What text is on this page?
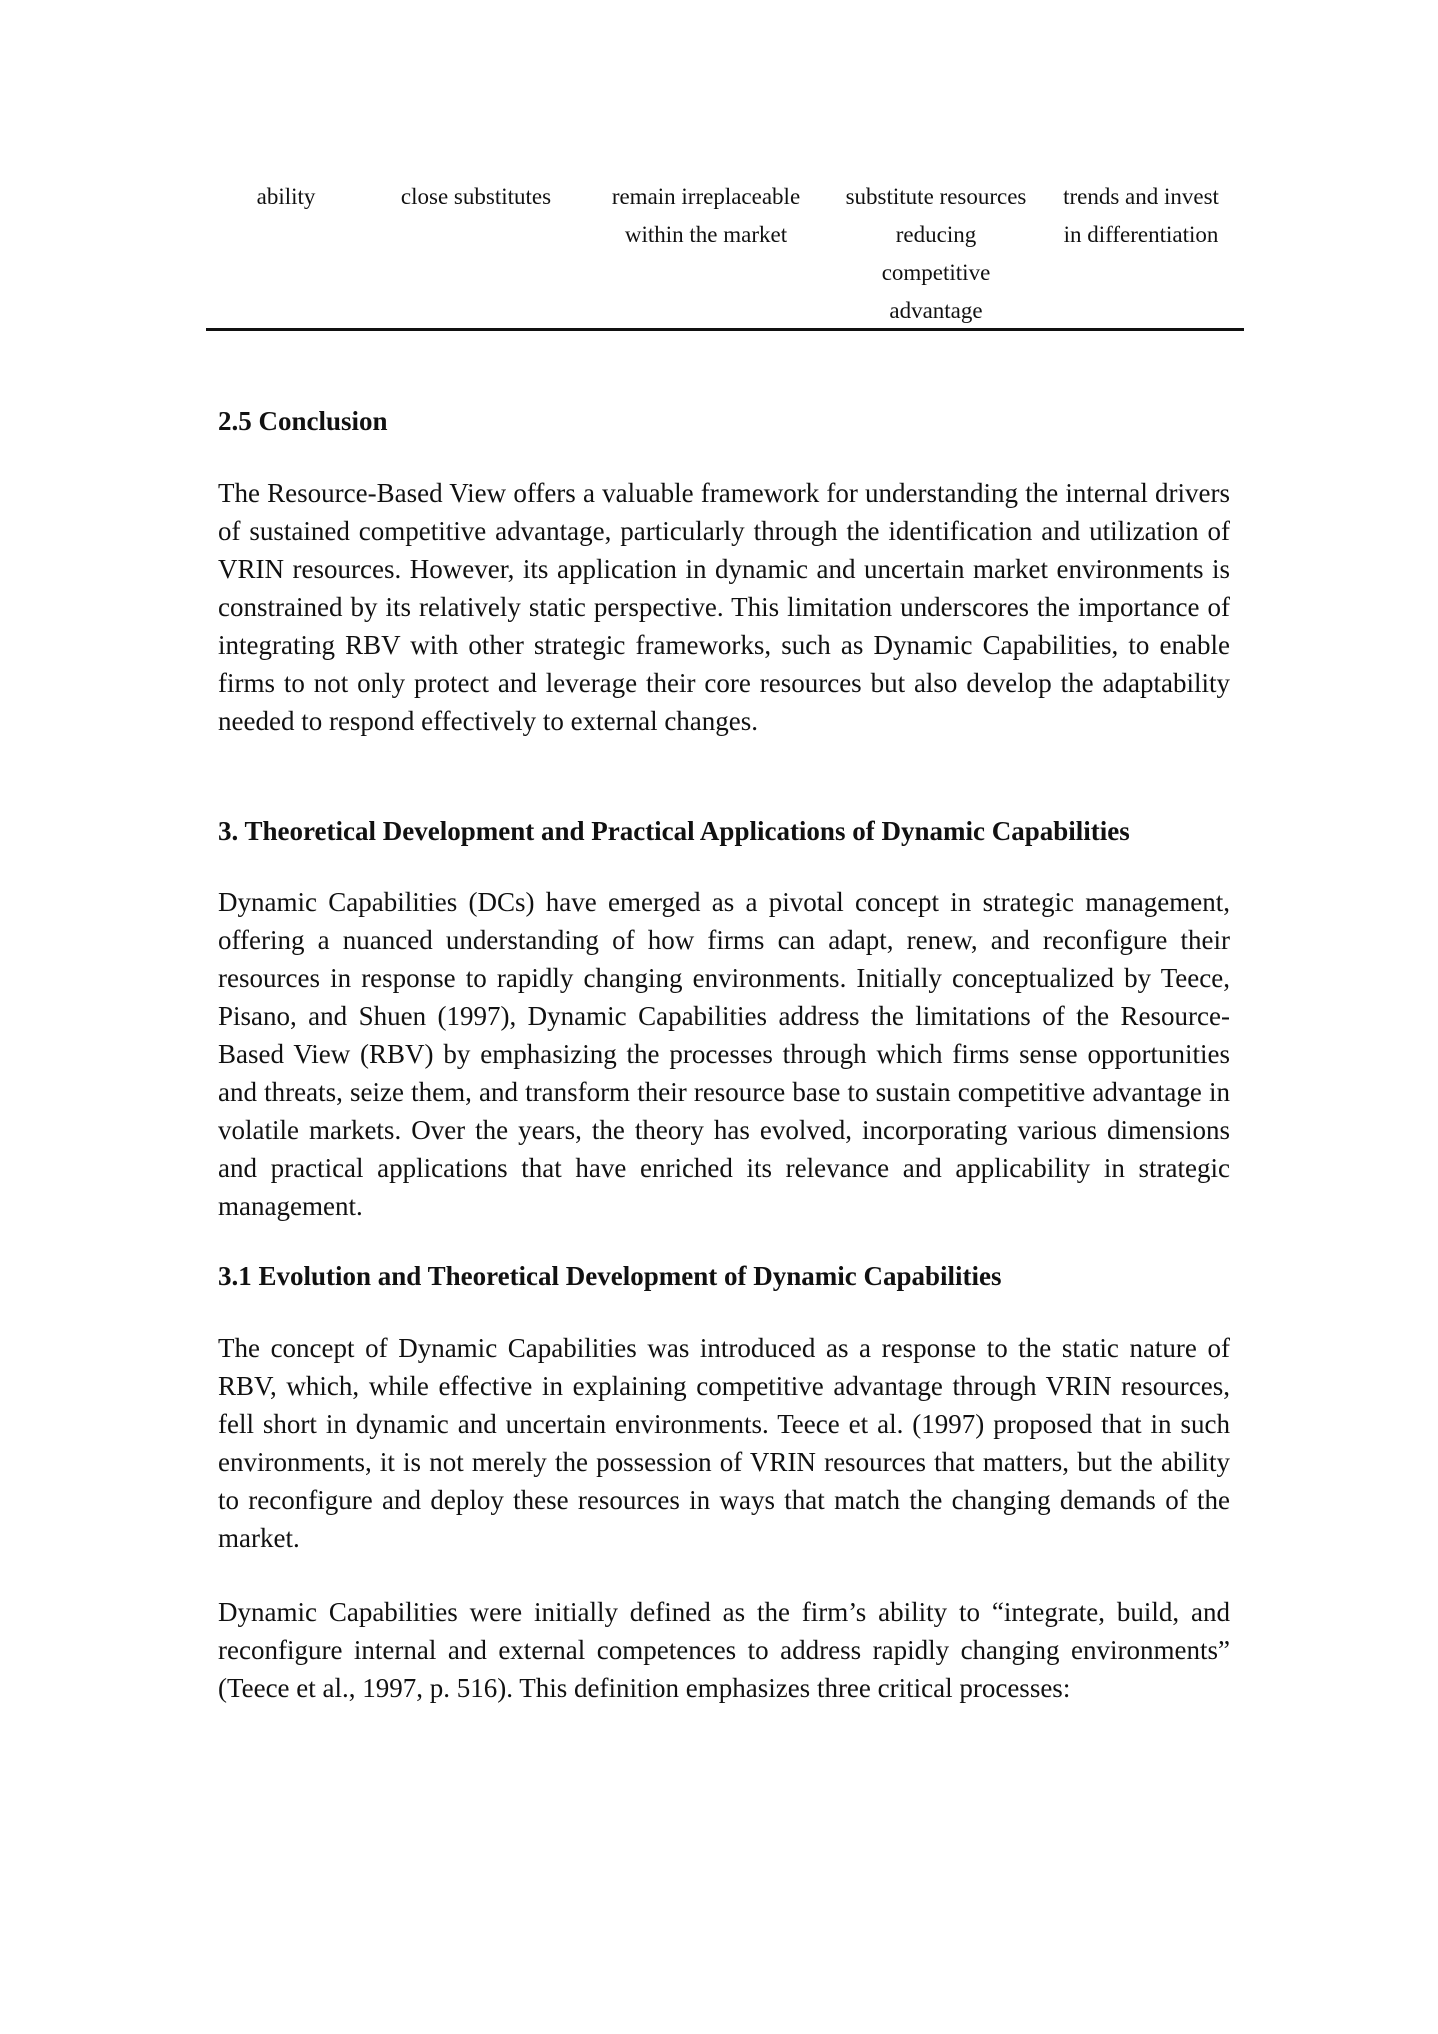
ability	close substitutes	remain irreplaceable
within the market
substitute resources
reducing
competitive
advantage
trends and invest
in differentiation
2.5 Conclusion

The Resource-Based View offers a valuable framework for understanding the internal drivers of sustained competitive advantage, particularly through the identification and utilization of VRIN resources. However, its application in dynamic and uncertain market environments is constrained by its relatively static perspective. This limitation underscores the importance of integrating RBV with other strategic frameworks, such as Dynamic Capabilities, to enable firms to not only protect and leverage their core resources but also develop the adaptability needed to respond effectively to external changes.

3. Theoretical Development and Practical Applications of Dynamic Capabilities

Dynamic Capabilities (DCs) have emerged as a pivotal concept in strategic management, offering a nuanced understanding of how firms can adapt, renew, and reconfigure their resources in response to rapidly changing environments. Initially conceptualized by Teece, Pisano, and Shuen (1997), Dynamic Capabilities address the limitations of the Resource-Based View (RBV) by emphasizing the processes through which firms sense opportunities and threats, seize them, and transform their resource base to sustain competitive advantage in volatile markets. Over the years, the theory has evolved, incorporating various dimensions and practical applications that have enriched its relevance and applicability in strategic management.

3.1 Evolution and Theoretical Development of Dynamic Capabilities

The concept of Dynamic Capabilities was introduced as a response to the static nature of RBV, which, while effective in explaining competitive advantage through VRIN resources, fell short in dynamic and uncertain environments. Teece et al. (1997) proposed that in such environments, it is not merely the possession of VRIN resources that matters, but the ability to reconfigure and deploy these resources in ways that match the changing demands of the market.

Dynamic Capabilities were initially defined as the firm’s ability to “integrate, build, and reconfigure internal and external competences to address rapidly changing environments” (Teece et al., 1997, p. 516). This definition emphasizes three critical processes:
